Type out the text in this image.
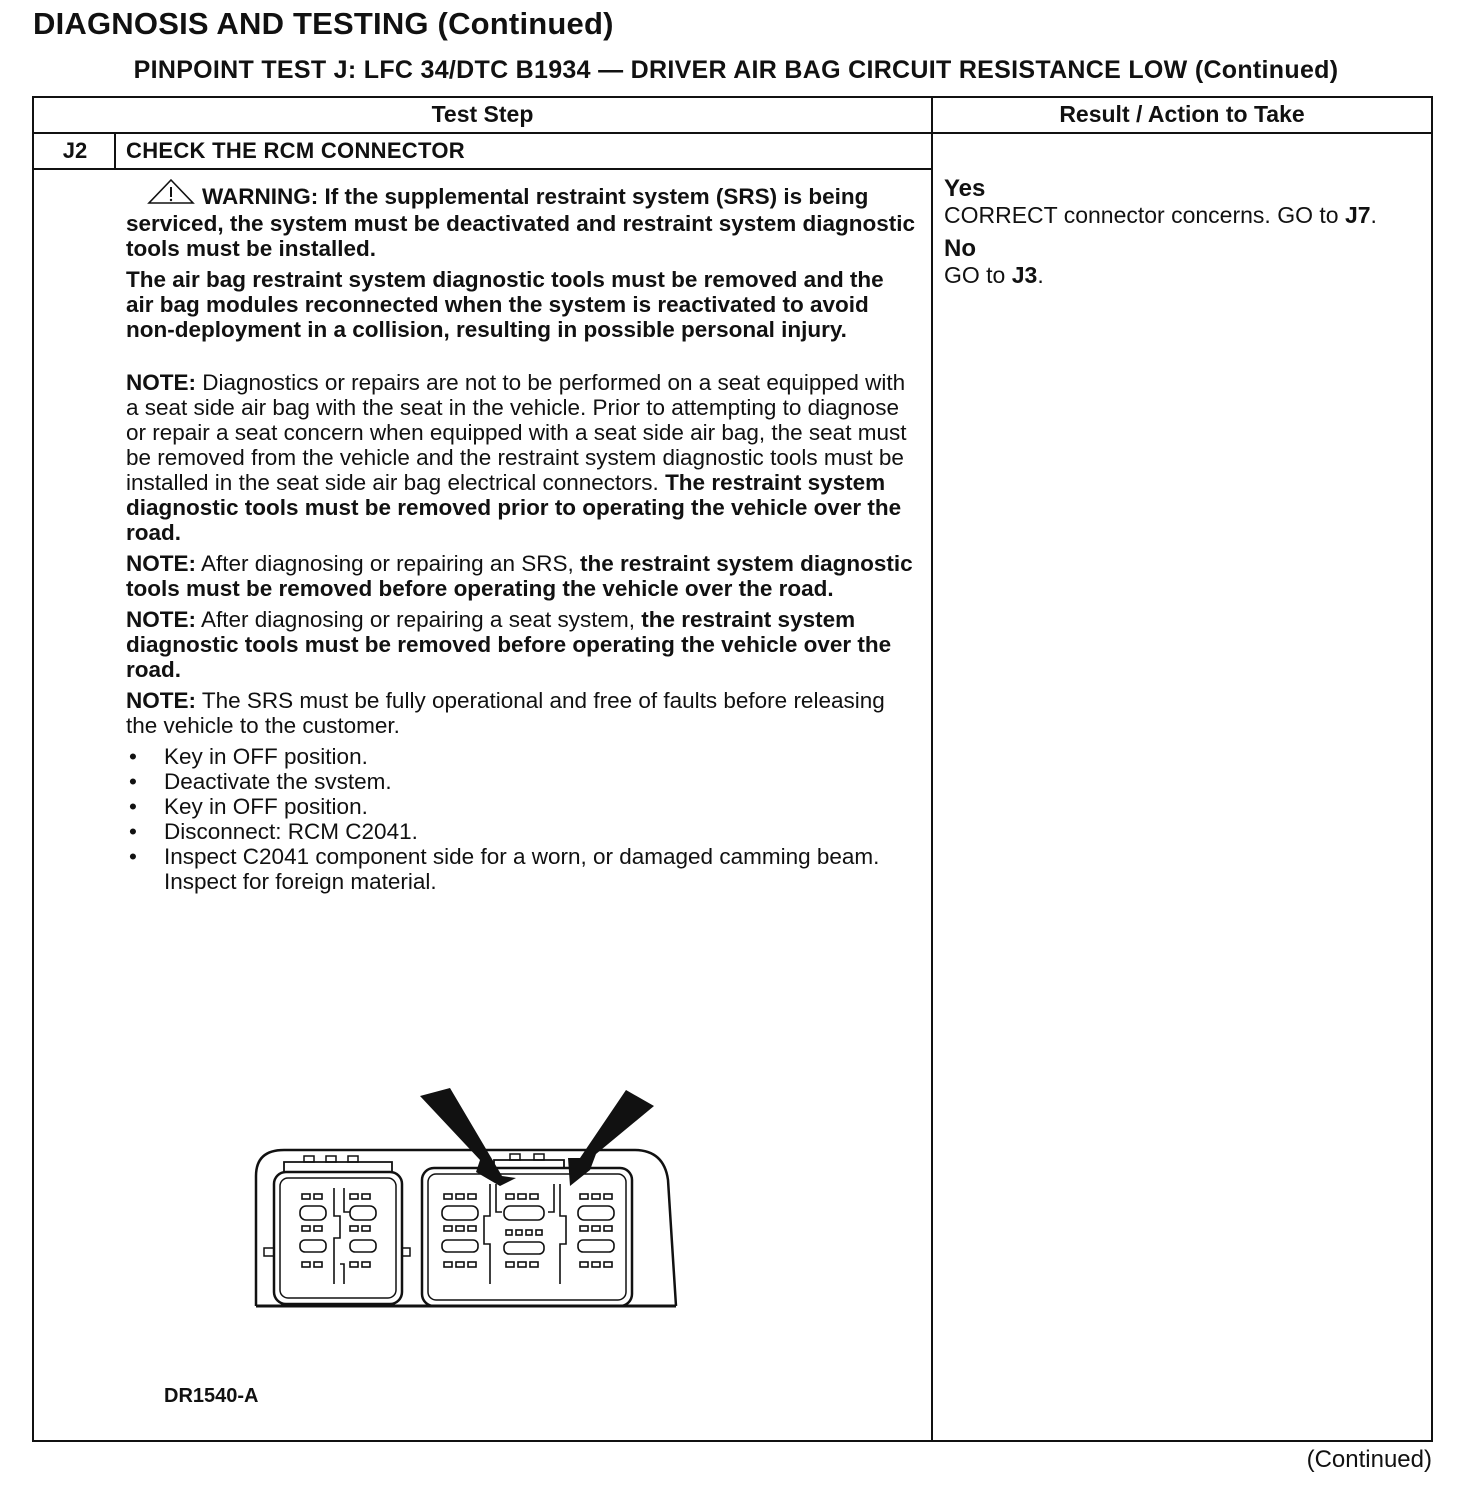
DIAGNOSIS AND TESTING (Continued)
PINPOINT TEST J: LFC 34/DTC B1934 — DRIVER AIR BAG CIRCUIT RESISTANCE LOW (Continued)
Test Step	Result / Action to Take
J2	CHECK THE RCM CONNECTOR

WARNING: If the supplemental restraint system (SRS) is being serviced, the system must be deactivated and restraint system diagnostic tools must be installed.

The air bag restraint system diagnostic tools must be removed and the air bag modules reconnected when the system is reactivated to avoid non-deployment in a collision, resulting in possible personal injury.

NOTE: Diagnostics or repairs are not to be performed on a seat equipped with a seat side air bag with the seat in the vehicle. Prior to attempting to diagnose or repair a seat concern when equipped with a seat side air bag, the seat must be removed from the vehicle and the restraint system diagnostic tools must be installed in the seat side air bag electrical connectors. The restraint system diagnostic tools must be removed prior to operating the vehicle over the road.

NOTE: After diagnosing or repairing an SRS, the restraint system diagnostic tools must be removed before operating the vehicle over the road.

NOTE: After diagnosing or repairing a seat system, the restraint system diagnostic tools must be removed before operating the vehicle over the road.

NOTE: The SRS must be fully operational and free of faults before releasing the vehicle to the customer.

• Key in OFF position.
• Deactivate the svstem.
• Key in OFF position.
• Disconnect: RCM C2041.
• Inspect C2041 component side for a worn, or damaged camming beam. Inspect for foreign material.
DR1540-A
Yes
CORRECT connector concerns. GO to J7.
No
GO to J3.
(Continued)
